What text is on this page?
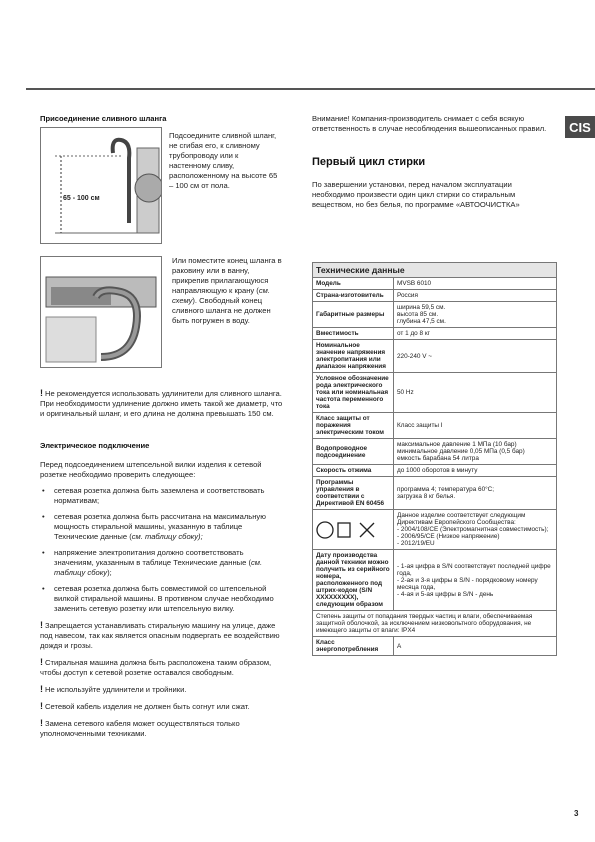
CIS
Присоединение сливного шланга
65 - 100 см
Подсоедините сливной шланг, не сгибая его, к сливному трубопроводу или к настенному сливу, расположенному на высоте 65 – 100 см от пола.
Или поместите конец шланга в раковину или в ванну, прикрепив прилагающуюся направляющую к крану (см. схему). Свободный конец сливного шланга не должен быть погружен в воду.
! Не рекомендуется использовать удлинители для сливного шланга. При необходимости удлинение должно иметь такой же диаметр, что и оригинальный шланг, и его длина не должна превышать 150 см.
Электрическое подключение

Перед подсоединением штепсельной вилки изделия к сетевой розетке необходимо проверить следующее:

• сетевая розетка должна быть заземлена и соответствовать нормативам;
• сетевая розетка должна быть рассчитана на максимальную мощность стиральной машины, указанную в таблице Технические данные (см. таблицу сбоку);
• напряжение электропитания должно соответствовать значениям, указанным в таблице Технические данные (см. таблицу сбоку);
• сетевая розетка должна быть совместимой со штепсельной вилкой стиральной машины. В противном случае необходимо заменить сетевую розетку или штепсельную вилку.

! Запрещается устанавливать стиральную машину на улице, даже под навесом, так как является опасным подвергать ее воздействию дождя и грозы.

! Стиральная машина должна быть расположена таким образом, чтобы доступ к сетевой розетке оставался свободным.

! Не используйте удлинители и тройники.

! Сетевой кабель изделия не должен быть согнут или сжат.

! Замена сетевого кабеля может осуществляться только уполномоченными техниками.

Внимание! Компания-производитель снимает с себя всякую ответственность в случае несоблюдения вышеописанных правил.

Первый цикл стирки

По завершении установки, перед началом эксплуатации необходимо произвести один цикл стирки со стиральным веществом, но без белья, по программе «АВТООЧИСТКА»

Технические данные	
Модель	MVSB 6010
Страна-изготовитель	Россия
Габаритные размеры	ширина 59,5 см.
высота 85 см.
глубина 47,5 см.
Вместимость	от 1 до 8 кг
Номинальное значение напряжения электропитания или диапазон напряжения	220-240 V ~
Условное обозначение рода электрического тока или номинальная частота переменного тока	50 Hz
Класс защиты от поражения электрическим током	Класс защиты I
Водопроводное подсоединение	максимальное давление 1 МПа (10 бар)
минимальное давление 0,05 МПа (0,5 бар)
емкость барабана 54 литра
Скорость отжима	до 1000 оборотов в минуту
Программы управления в соответствии с Директивой EN 60456	программа 4; температура 60°C;
загрузка 8 кг белья.

	Данное изделие соответствует следующим Директивам Европейского Сообщества:
- 2004/108/CE (Электромагнитная совместимость);
- 2006/95/CE (Низкое напряжение)
- 2012/19/EU
Дату производства данной техники можно получить из серийного номера, расположенного под штрих-кодом (S/N XXXXXXXXX), следующим образом	- 1-ая цифра в S/N соответствует последней цифре года,
- 2-ая и 3-я цифры в S/N - порядковому номеру месяца года,
- 4-ая и 5-ая цифры в S/N - день
Степень защиты от попадания твердых частиц и влаги, обеспечиваемая защитной оболочкой, за исключением низковольтного оборудования, не имеющего защиты от влаги: IPX4	
Класс энергопотребления	A
3
